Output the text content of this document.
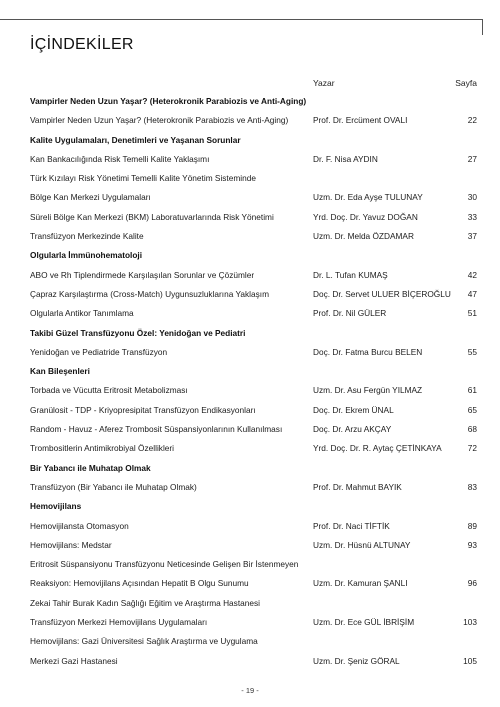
İÇİNDEKİLER
Yazar	Sayfa
Vampirler Neden Uzun Yaşar? (Heterokronik Parabiozis ve Anti-Aging)
Vampirler Neden Uzun Yaşar? (Heterokronik Parabiozis ve Anti-Aging)	Prof. Dr. Ercüment OVALI	22
Kalite Uygulamaları, Denetimleri ve Yaşanan Sorunlar
Kan Bankacılığında Risk Temelli Kalite Yaklaşımı	Dr. F. Nisa AYDIN	27
Türk Kızılayı Risk Yönetimi Temelli Kalite Yönetim Sisteminde
Bölge Kan Merkezi Uygulamaları	Uzm. Dr. Eda Ayşe TULUNAY	30
Süreli Bölge Kan Merkezi (BKM) Laboratuvarlarında Risk Yönetimi	Yrd. Doç. Dr. Yavuz DOĞAN	33
Transfüzyon Merkezinde Kalite	Uzm. Dr. Melda ÖZDAMAR	37
Olgularla İmmünohematoloji
ABO ve Rh Tiplendirmede Karşılaşılan Sorunlar ve Çözümler	Dr. L. Tufan KUMAŞ	42
Çapraz Karşılaştırma (Cross-Match) Uygunsuzluklarına Yaklaşım	Doç. Dr. Servet ULUER BİÇEROĞLU 47
Olgularla Antikor Tanımlama	Prof. Dr. Nil GÜLER	51
Takibi Güzel Transfüzyonu Özel: Yenidoğan ve Pediatri
Yenidoğan ve Pediatride Transfüzyon	Doç. Dr. Fatma Burcu BELEN	55
Kan Bileşenleri
Torbada ve Vücutta Eritrosit Metabolizması	Uzm. Dr. Asu Fergün YILMAZ	61
Granülosit - TDP - Kriyopresipitat Transfüzyon Endikasyonları	Doç. Dr. Ekrem ÜNAL	65
Random - Havuz - Aferez Trombosit Süspansiyonlarının Kullanılması	Doç. Dr. Arzu AKÇAY	68
Trombositlerin Antimikrobiyal Özellikleri	Yrd. Doç. Dr. R. Aytaç ÇETİNKAYA	72
Bir Yabancı ile Muhatap Olmak
Transfüzyon (Bir Yabancı ile Muhatap Olmak)	Prof. Dr. Mahmut BAYIK	83
Hemovijilans
Hemovijilansta Otomasyon	Prof. Dr. Naci TİFTİK	89
Hemovijilans: Medstar	Uzm. Dr. Hüsnü ALTUNAY	93
Eritrosit Süspansiyonu Transfüzyonu Neticesinde Gelişen Bir İstenmeyen
Reaksiyon: Hemovijilans Açısından Hepatit B Olgu Sunumu	Uzm. Dr. Kamuran ŞANLI	96
Zekai Tahir Burak Kadın Sağlığı Eğitim ve Araştırma Hastanesi
Transfüzyon Merkezi Hemovijilans Uygulamaları	Uzm. Dr. Ece GÜL İBRİŞİM	103
Hemovijilans: Gazi Üniversitesi Sağlık Araştırma ve Uygulama
Merkezi Gazi Hastanesi	Uzm. Dr. Şeniz GÖRAL	105
- 19 -
